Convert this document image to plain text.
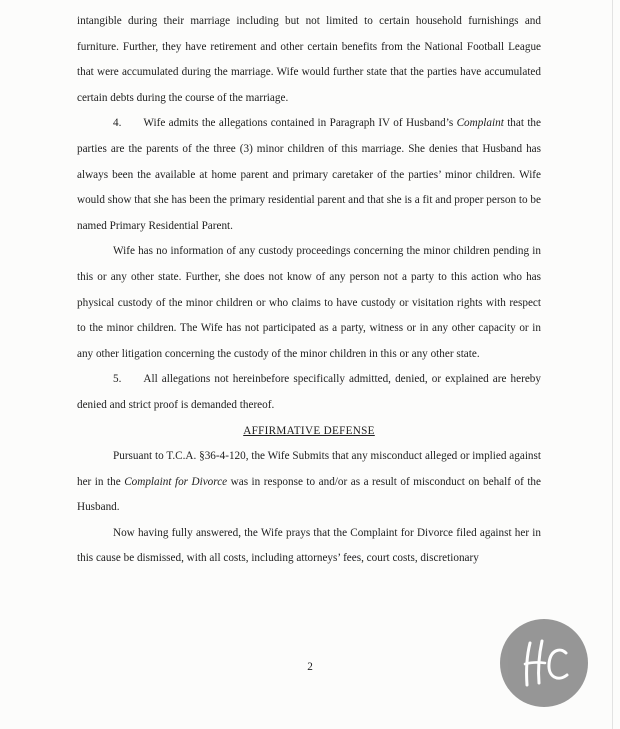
intangible during their marriage including but not limited to certain household furnishings and furniture. Further, they have retirement and other certain benefits from the National Football League that were accumulated during the marriage. Wife would further state that the parties have accumulated certain debts during the course of the marriage.

4. Wife admits the allegations contained in Paragraph IV of Husband’s Complaint that the parties are the parents of the three (3) minor children of this marriage. She denies that Husband has always been the available at home parent and primary caretaker of the parties’ minor children. Wife would show that she has been the primary residential parent and that she is a fit and proper person to be named Primary Residential Parent.

Wife has no information of any custody proceedings concerning the minor children pending in this or any other state. Further, she does not know of any person not a party to this action who has physical custody of the minor children or who claims to have custody or visitation rights with respect to the minor children. The Wife has not participated as a party, witness or in any other capacity or in any other litigation concerning the custody of the minor children in this or any other state.

5. All allegations not hereinbefore specifically admitted, denied, or explained are hereby denied and strict proof is demanded thereof.

AFFIRMATIVE DEFENSE

Pursuant to T.C.A. §36-4-120, the Wife Submits that any misconduct alleged or implied against her in the Complaint for Divorce was in response to and/or as a result of misconduct on behalf of the Husband.

Now having fully answered, the Wife prays that the Complaint for Divorce filed against her in this cause be dismissed, with all costs, including attorneys’ fees, court costs, discretionary

2
